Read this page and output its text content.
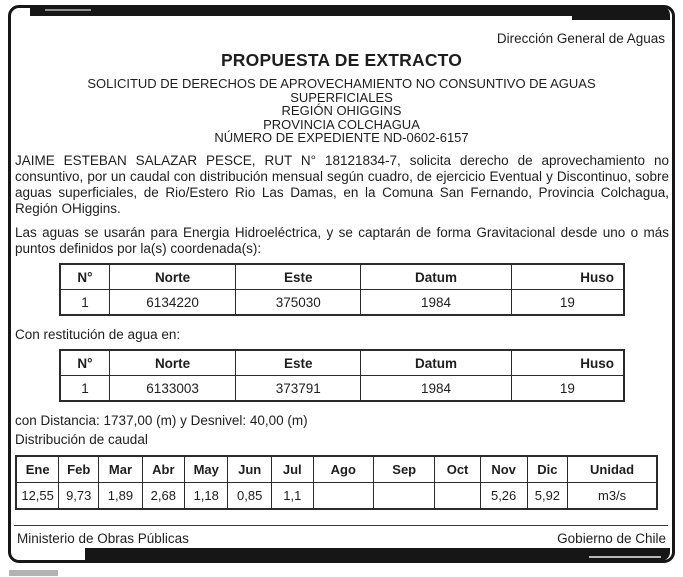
Dirección General de Aguas
PROPUESTA DE EXTRACTO
SOLICITUD DE DERECHOS DE APROVECHAMIENTO NO CONSUNTIVO DE AGUAS
SUPERFICIALES
REGIÓN OHIGGINS
PROVINCIA COLCHAGUA
NÚMERO DE EXPEDIENTE ND-0602-6157
JAIME ESTEBAN SALAZAR PESCE, RUT N° 18121834-7, solicita derecho de aprovechamiento no consuntivo, por un caudal con distribución mensual según cuadro, de ejercicio Eventual y Discontinuo, sobre aguas superficiales, de Rio/Estero Rio Las Damas, en la Comuna San Fernando, Provincia Colchagua, Región OHiggins.
Las aguas se usarán para Energia Hidroeléctrica, y se captarán de forma Gravitacional desde uno o más puntos definidos por la(s) coordenada(s):
N°	Norte	Este	Datum	Huso
1	6134220	375030	1984	19
Con restitución de agua en:
N°	Norte	Este	Datum	Huso
1	6133003	373791	1984	19
con Distancia: 1737,00 (m) y Desnivel: 40,00 (m)
Distribución de caudal
Ene	Feb	Mar	Abr	May	Jun	Jul	Ago	Sep	Oct	Nov	Dic	Unidad
12,55	9,73	1,89	2,68	1,18	0,85	1,1				5,26	5,92	m3/s
Ministerio de Obras Públicas	Gobierno de Chile
